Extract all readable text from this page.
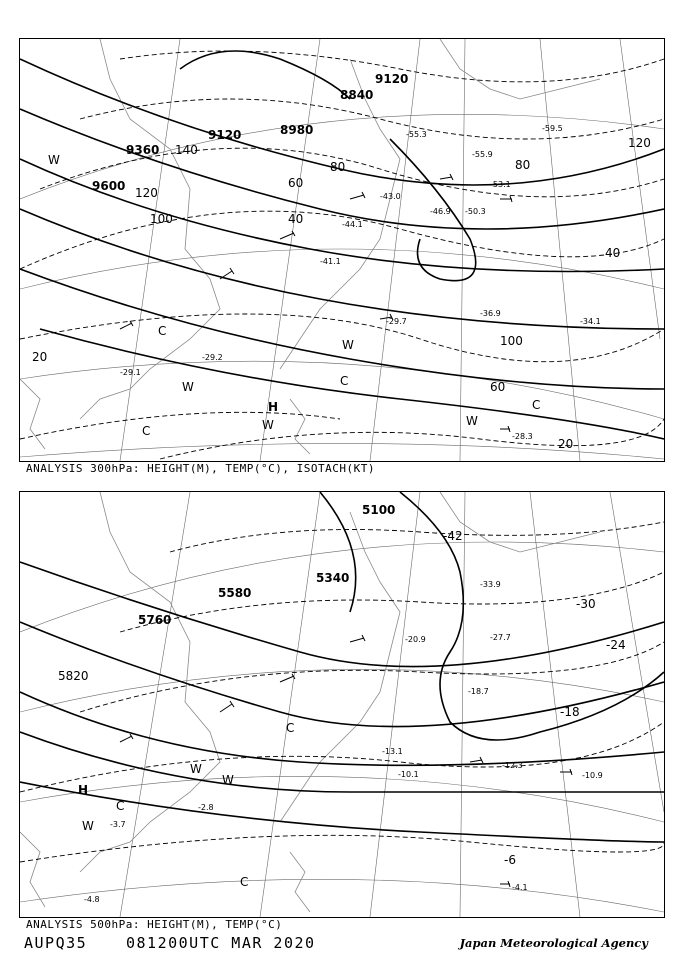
9600
9120
9360
8840
8980
9120
20
40
60
80
100
120
140	120
100
80
60
40
20
H
C
W
W
W
C
W
C
C
W
-29.7
-36.9
-34.1
-28.3
-46.9
-44.1
-43.0
-55.9
-50.3
-53.1
-59.5
-55.3
-29.1
-29.2
-41.1
ANALYSIS 300hPa: HEIGHT(M), TEMP(°C), ISOTACH(KT)
5100
5340
5580
5760
5820
-42
-30
-24
-18
-6
H
C
W
W
C
W
C
-12.3
-10.1	-10.9
-4.1
-13.1
-18.7
-20.9	-27.7
-33.9
-3.7
-2.8
-4.8
ANALYSIS 500hPa: HEIGHT(M), TEMP(°C)
AUPQ35	081200UTC MAR 2020	Japan Meteorological Agency
